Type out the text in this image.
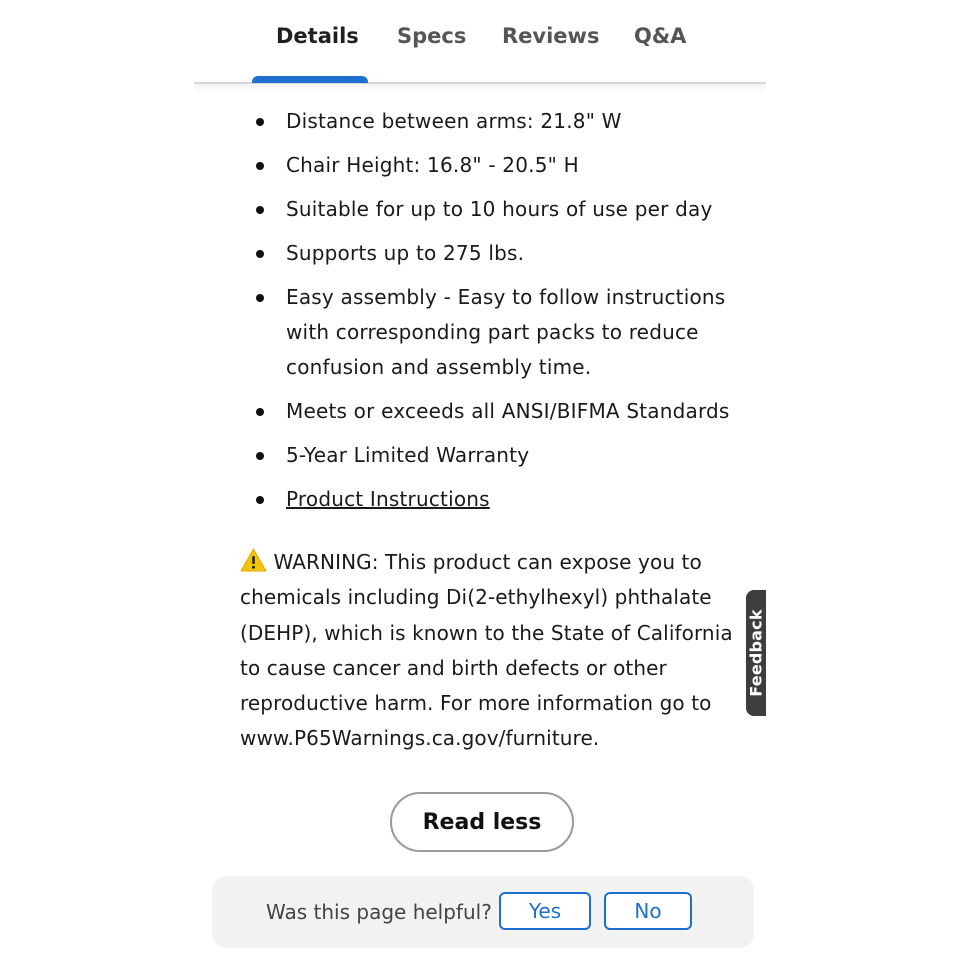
Details Specs Reviews Q&A
Distance between arms: 21.8" W
Chair Height: 16.8" - 20.5" H
Suitable for up to 10 hours of use per day
Supports up to 275 lbs.
Easy assembly - Easy to follow instructions with corresponding part packs to reduce confusion and assembly time.
Meets or exceeds all ANSI/BIFMA Standards
5-Year Limited Warranty
Product Instructions

WARNING: This product can expose you to chemicals including Di(2-ethylhexyl) phthalate (DEHP), which is known to the State of California to cause cancer and birth defects or other reproductive harm. For more information go to www.P65Warnings.ca.gov/furniture.

Feedback
Read less
Was this page helpful?	Yes	No
